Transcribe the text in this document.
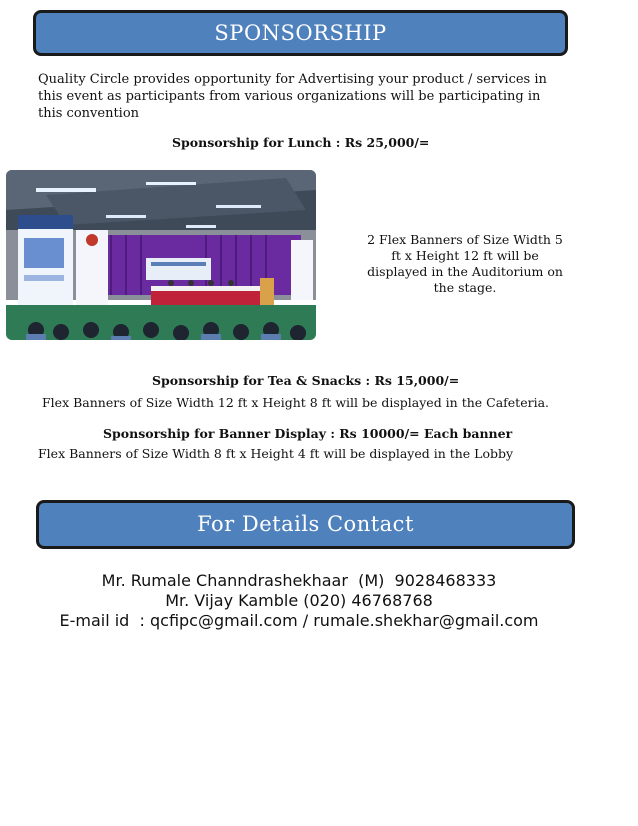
SPONSORSHIP
Quality Circle provides opportunity for Advertising your product / services in this event as participants from various organizations will be participating in this convention
Sponsorship for Lunch : Rs 25,000/=
2 Flex Banners of Size Width 5 ft x Height 12 ft will be displayed in the Auditorium on the stage.
Sponsorship for Tea & Snacks : Rs 15,000/=
Flex Banners of Size Width 12 ft x Height 8 ft will be displayed in the Cafeteria.
Sponsorship for Banner Display : Rs 10000/= Each banner
Flex Banners of Size Width 8 ft x Height 4 ft will be displayed in the Lobby
For Details Contact
Mr. Rumale Channdrashekhaar  (M)  9028468333
Mr. Vijay Kamble (020) 46768768
E-mail id  : qcfipc@gmail.com / rumale.shekhar@gmail.com
